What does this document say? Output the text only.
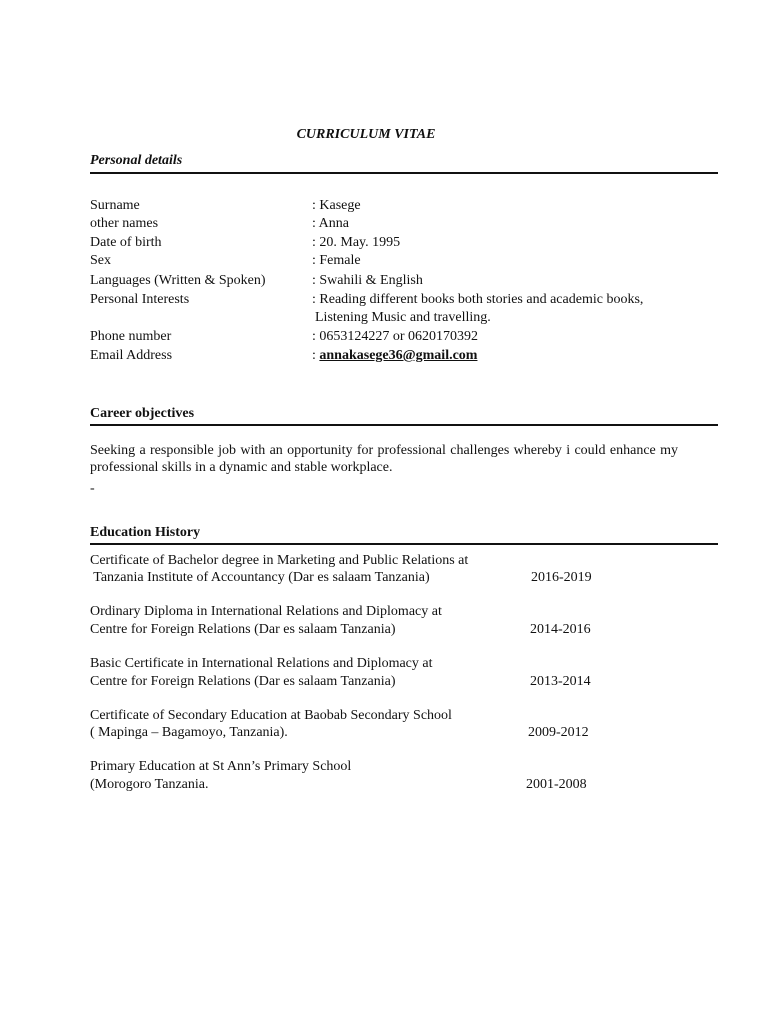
CURRICULUM VITAE
Personal details
Surname	: Kasege
other names	: Anna
Date of birth	: 20. May. 1995
Sex	: Female
Languages (Written & Spoken)	: Swahili & English
Personal Interests	: Reading different books both stories and academic books,
Listening Music and travelling.
Phone number	: 0653124227 or 0620170392
Email Address	: annakasege36@gmail.com
Career objectives
Seeking a responsible job with an opportunity for professional challenges whereby i could enhance my professional skills in a dynamic and stable workplace.
-
Education History
Certificate of Bachelor degree in Marketing and Public Relations at
Tanzania Institute of Accountancy (Dar es salaam Tanzania)	2016-2019
Ordinary Diploma in International Relations and Diplomacy at
Centre for Foreign Relations (Dar es salaam Tanzania)	2014-2016
Basic Certificate in International Relations and Diplomacy at
Centre for Foreign Relations (Dar es salaam Tanzania)	2013-2014
Certificate of Secondary Education at Baobab Secondary School
( Mapinga – Bagamoyo, Tanzania).	2009-2012
Primary Education at St Ann’s Primary School
(Morogoro Tanzania.	2001-2008
